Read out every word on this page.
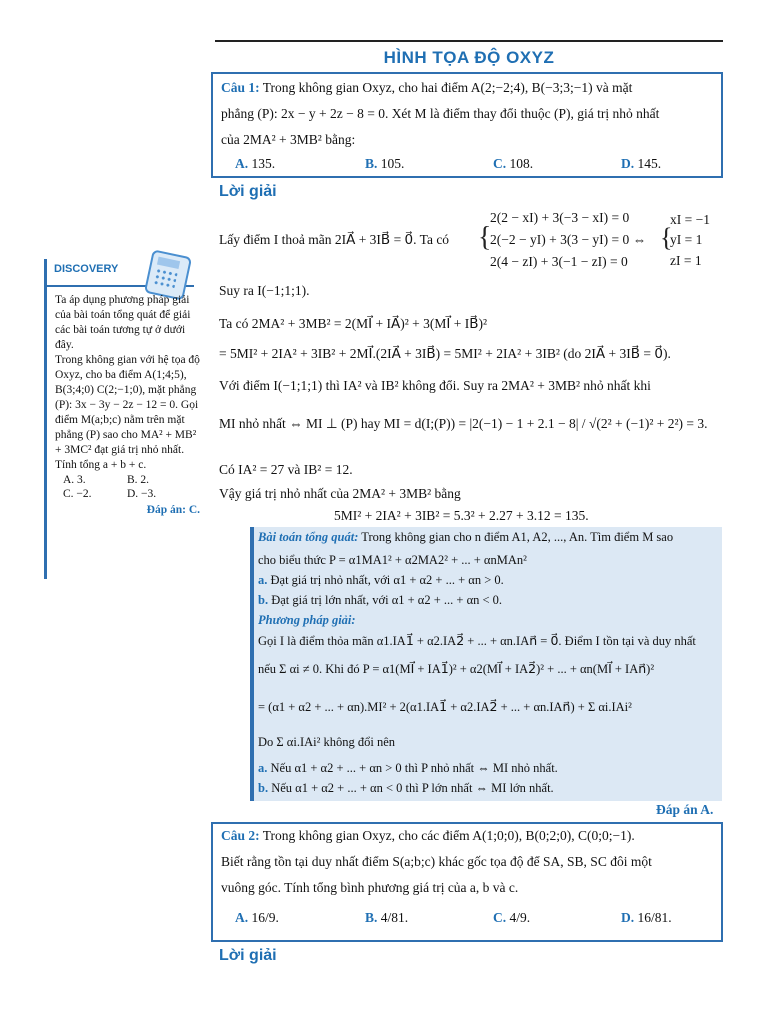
HÌNH TỌA ĐỘ OXYZ
Câu 1: Trong không gian Oxyz, cho hai điểm A(2;−2;4), B(−3;3;−1) và mặt
phẳng (P): 2x − y + 2z − 8 = 0. Xét M là điểm thay đổi thuộc (P), giá trị nhỏ nhất
của 2MA² + 3MB² bằng:
A. 135.	B. 105.	C. 108.	D. 145.
Lời giải
Lấy điểm I thoả mãn 2IA⃗ + 3IB⃗ = 0⃗. Ta có {
2(2 − xI) + 3(−3 − xI) = 0
2(−2 − yI) + 3(3 − yI) = 0 ⇔
2(4 − zI) + 3(−1 − zI) = 0
{
xI = −1
yI = 1
zI = 1
Suy ra I(−1;1;1).
Ta có 2MA² + 3MB² = 2(MI⃗ + IA⃗)² + 3(MI⃗ + IB⃗)²
= 5MI² + 2IA² + 3IB² + 2MI⃗.(2IA⃗ + 3IB⃗) = 5MI² + 2IA² + 3IB² (do 2IA⃗ + 3IB⃗ = 0⃗).
Với điểm I(−1;1;1) thì IA² và IB² không đổi. Suy ra 2MA² + 3MB² nhỏ nhất khi
MI nhỏ nhất ⇔ MI ⊥ (P) hay MI = d(I;(P)) = |2(−1) − 1 + 2.1 − 8| / √(2² + (−1)² + 2²) = 3.
Có IA² = 27 và IB² = 12.
Vậy giá trị nhỏ nhất của 2MA² + 3MB² bằng
5MI² + 2IA² + 3IB² = 5.3² + 2.27 + 3.12 = 135.
Bài toán tổng quát: Trong không gian cho n điểm A1, A2, ..., An. Tìm điểm M sao
cho biểu thức P = α1MA1² + α2MA2² + ... + αnMAn²
a. Đạt giá trị nhỏ nhất, với α1 + α2 + ... + αn > 0.
b. Đạt giá trị lớn nhất, với α1 + α2 + ... + αn < 0.
Phương pháp giải:
Gọi I là điểm thỏa mãn α1.IA1⃗ + α2.IA2⃗ + ... + αn.IAn⃗ = 0⃗. Điểm I tồn tại và duy nhất
nếu Σ αi ≠ 0. Khi đó P = α1(MI⃗ + IA1⃗)² + α2(MI⃗ + IA2⃗)² + ... + αn(MI⃗ + IAn⃗)²
= (α1 + α2 + ... + αn).MI² + 2(α1.IA1⃗ + α2.IA2⃗ + ... + αn.IAn⃗) + Σ αi.IAi²
Do Σ αi.IAi² không đổi nên
a. Nếu α1 + α2 + ... + αn > 0 thì P nhỏ nhất ⇔ MI nhỏ nhất.
b. Nếu α1 + α2 + ... + αn < 0 thì P lớn nhất ⇔ MI lớn nhất.
Đáp án A.
Câu 2: Trong không gian Oxyz, cho các điểm A(1;0;0), B(0;2;0), C(0;0;−1).
Biết rằng tồn tại duy nhất điểm S(a;b;c) khác gốc tọa độ để SA, SB, SC đôi một
vuông góc. Tính tổng bình phương giá trị của a, b và c.
A. 16/9.	B. 4/81.	C. 4/9.	D. 16/81.
Lời giải
DISCOVERY

Ta áp dụng phương pháp giải của bài toán tổng quát để giải các bài toán tương tự ở dưới đây.

Trong không gian với hệ tọa độ Oxyz, cho ba điểm A(1;4;5), B(3;4;0) C(2;−1;0), mặt phẳng (P): 3x − 3y − 2z − 12 = 0. Gọi điểm M(a;b;c) nằm trên mặt phẳng (P) sao cho MA² + MB² + 3MC² đạt giá trị nhỏ nhất. Tính tổng a + b + c.

A. 3.	B. 2.
C. −2.	D. −3.
Đáp án: C.
